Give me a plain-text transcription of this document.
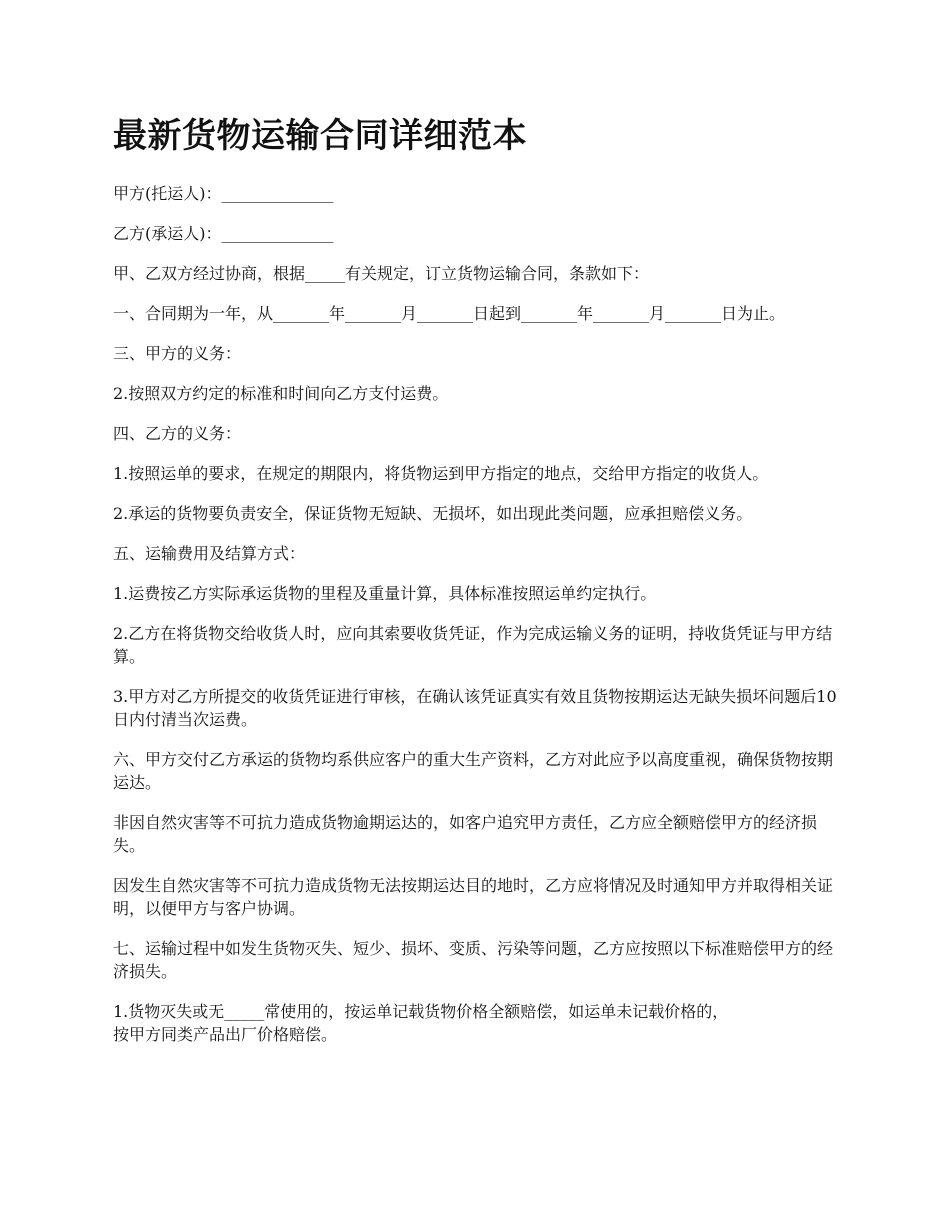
最新货物运输合同详细范本

甲方(托运人)：______________

乙方(承运人)：______________

甲、乙双方经过协商，根据_____有关规定，订立货物运输合同，条款如下：

一、合同期为一年，从_______年_______月_______日起到_______年_______月_______日为止。

三、甲方的义务：

2.按照双方约定的标准和时间向乙方支付运费。

四、乙方的义务：

1.按照运单的要求，在规定的期限内，将货物运到甲方指定的地点，交给甲方指定的收货人。

2.承运的货物要负责安全，保证货物无短缺、无损坏，如出现此类问题，应承担赔偿义务。

五、运输费用及结算方式：

1.运费按乙方实际承运货物的里程及重量计算，具体标准按照运单约定执行。

2.乙方在将货物交给收货人时，应向其索要收货凭证，作为完成运输义务的证明，持收货凭证与甲方结算。

3.甲方对乙方所提交的收货凭证进行审核，在确认该凭证真实有效且货物按期运达无缺失损坏问题后10日内付清当次运费。

六、甲方交付乙方承运的货物均系供应客户的重大生产资料，乙方对此应予以高度重视，确保货物按期运达。

非因自然灾害等不可抗力造成货物逾期运达的，如客户追究甲方责任，乙方应全额赔偿甲方的经济损失。

因发生自然灾害等不可抗力造成货物无法按期运达目的地时，乙方应将情况及时通知甲方并取得相关证明，以便甲方与客户协调。

七、运输过程中如发生货物灭失、短少、损坏、变质、污染等问题，乙方应按照以下标准赔偿甲方的经济损失。

1.货物灭失或无_____常使用的，按运单记载货物价格全额赔偿，如运单未记载价格的，
按甲方同类产品出厂价格赔偿。
